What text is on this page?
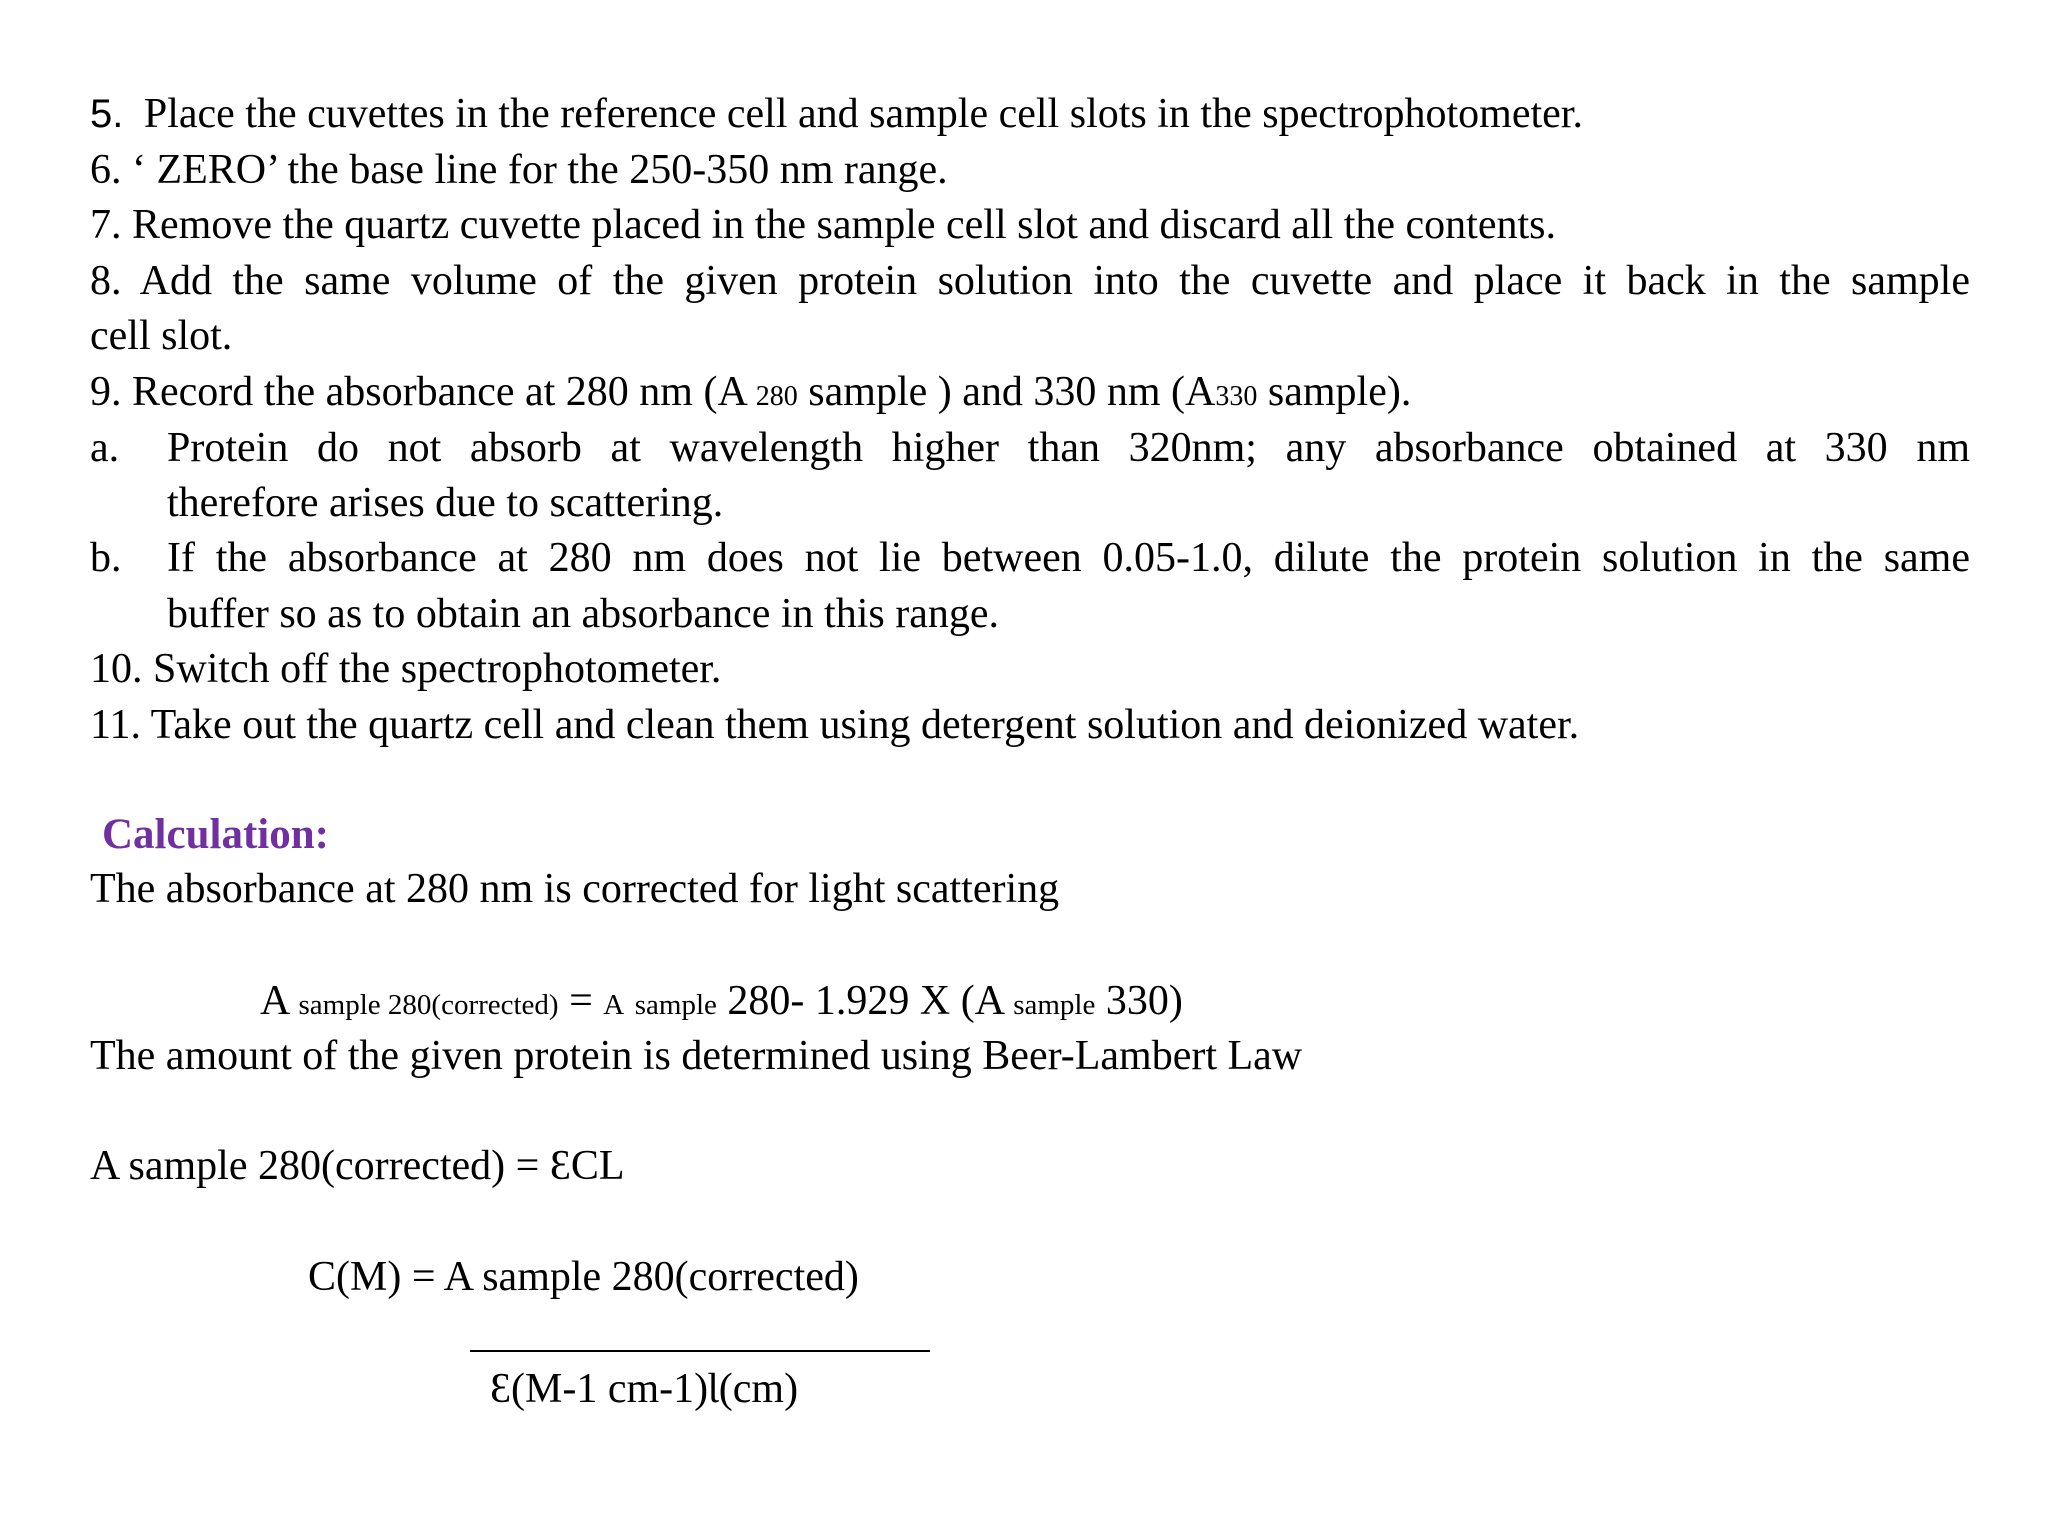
5. Place the cuvettes in the reference cell and sample cell slots in the spectrophotometer.
6. ‘ ZERO’ the base line for the 250-350 nm range.
7. Remove the quartz cuvette placed in the sample cell slot and discard all the contents.
8. Add the same volume of the given protein solution into the cuvette and place it back in the sample
cell slot.
9. Record the absorbance at 280 nm (A 280 sample ) and 330 nm (A330 sample).
a. Protein do not absorb at wavelength higher than 320nm; any absorbance obtained at 330 nm
therefore arises due to scattering.
b. If the absorbance at 280 nm does not lie between 0.05-1.0, dilute the protein solution in the same
buffer so as to obtain an absorbance in this range.
10. Switch off the spectrophotometer.
11. Take out the quartz cell and clean them using detergent solution and deionized water.
Calculation:
The absorbance at 280 nm is corrected for light scattering
A sample 280(corrected) = A sample 280- 1.929 X (A sample 330)
The amount of the given protein is determined using Beer-Lambert Law
A sample 280(corrected) = ƐCL
C(M) = A sample 280(corrected)
Ɛ(M-1 cm-1)Ɩ(cm)
